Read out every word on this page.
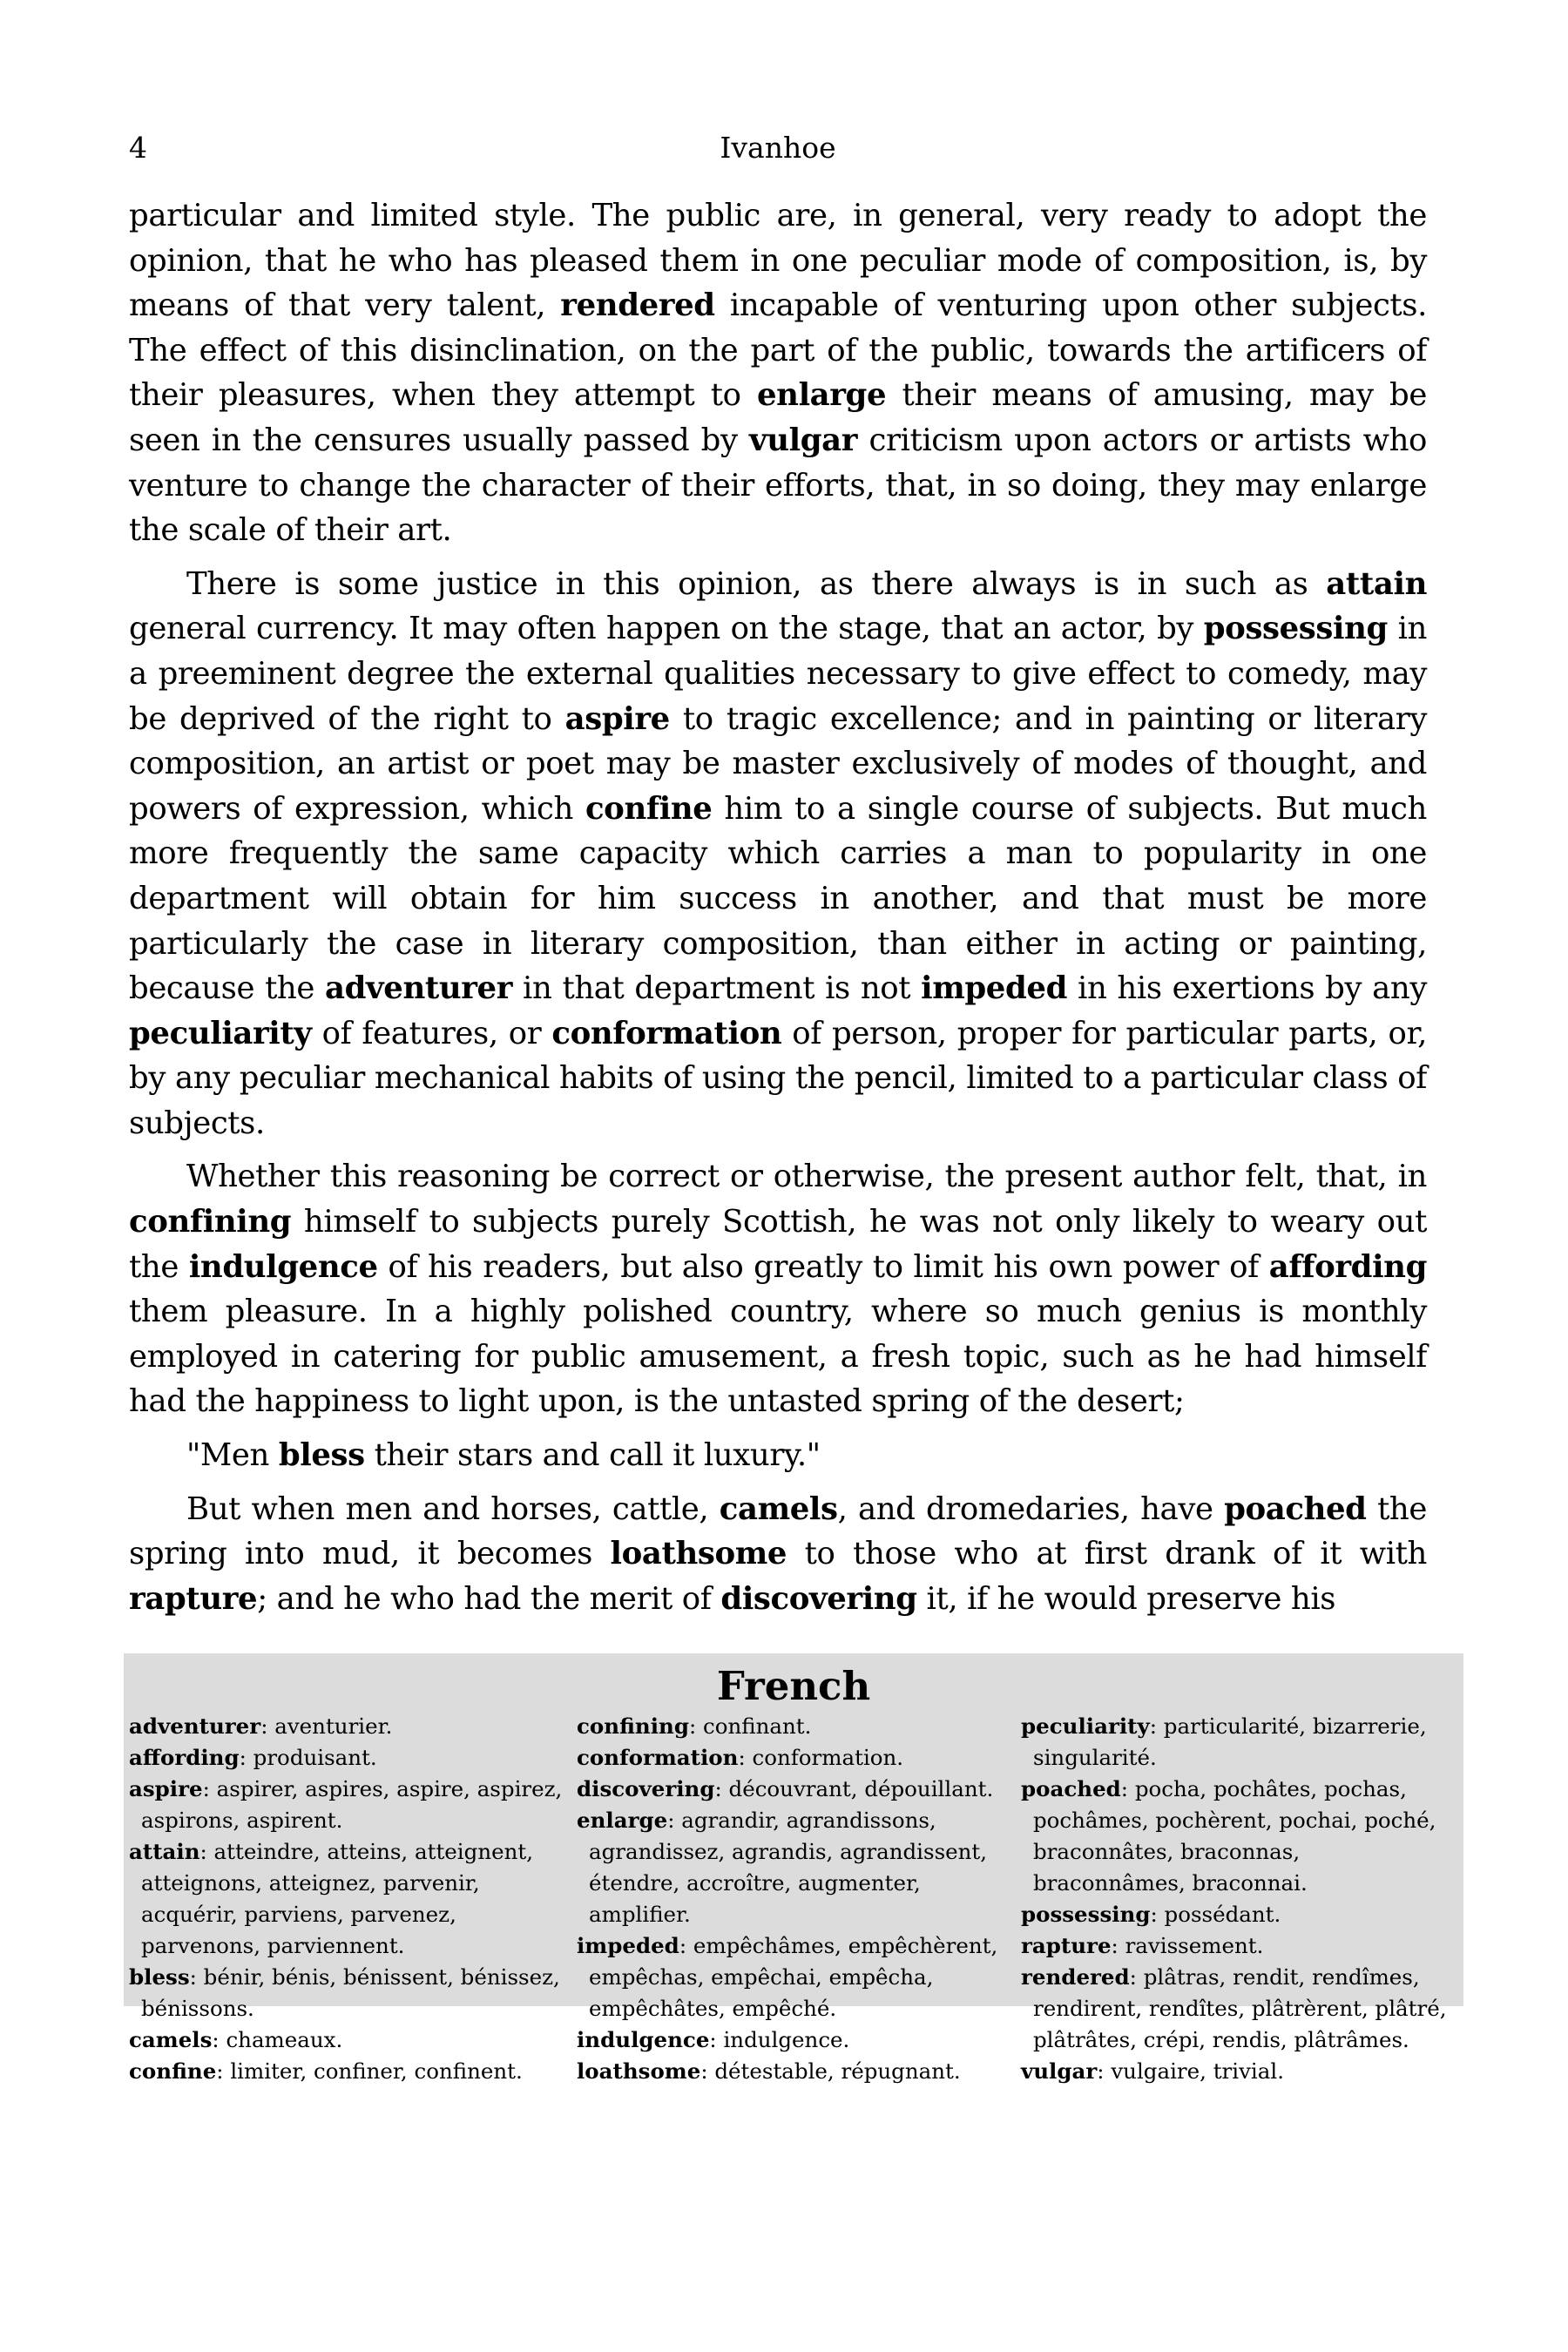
4	Ivanhoe

particular and limited style. The public are, in general, very ready to adopt the opinion, that he who has pleased them in one peculiar mode of composition, is, by means of that very talent, rendered incapable of venturing upon other subjects. The effect of this disinclination, on the part of the public, towards the artificers of their pleasures, when they attempt to enlarge their means of amusing, may be seen in the censures usually passed by vulgar criticism upon actors or artists who venture to change the character of their efforts, that, in so doing, they may enlarge the scale of their art.

There is some justice in this opinion, as there always is in such as attain general currency. It may often happen on the stage, that an actor, by possessing in a preeminent degree the external qualities necessary to give effect to comedy, may be deprived of the right to aspire to tragic excellence; and in painting or literary composition, an artist or poet may be master exclusively of modes of thought, and powers of expression, which confine him to a single course of subjects. But much more frequently the same capacity which carries a man to popularity in one department will obtain for him success in another, and that must be more particularly the case in literary composition, than either in acting or painting, because the adventurer in that department is not impeded in his exertions by any peculiarity of features, or conformation of person, proper for particular parts, or, by any peculiar mechanical habits of using the pencil, limited to a particular class of subjects.

Whether this reasoning be correct or otherwise, the present author felt, that, in confining himself to subjects purely Scottish, he was not only likely to weary out the indulgence of his readers, but also greatly to limit his own power of affording them pleasure. In a highly polished country, where so much genius is monthly employed in catering for public amusement, a fresh topic, such as he had himself had the happiness to light upon, is the untasted spring of the desert;

"Men bless their stars and call it luxury."

But when men and horses, cattle, camels, and dromedaries, have poached the spring into mud, it becomes loathsome to those who at first drank of it with rapture; and he who had the merit of discovering it, if he would preserve his

French
adventurer: aventurier.
affording: produisant.
aspire: aspirer, aspires, aspire, aspirez, aspirons, aspirent.
attain: atteindre, atteins, atteignent, atteignons, atteignez, parvenir, acquérir, parviens, parvenez, parvenons, parviennent.
bless: bénir, bénis, bénissent, bénissez, bénissons.
camels: chameaux.
confine: limiter, confiner, confinent.
confining: confinant.
conformation: conformation.
discovering: découvrant, dépouillant.
enlarge: agrandir, agrandissons, agrandissez, agrandis, agrandissent, étendre, accroître, augmenter, amplifier.
impeded: empêchâmes, empêchèrent, empêchas, empêchai, empêcha, empêchâtes, empêché.
indulgence: indulgence.
loathsome: détestable, répugnant.
peculiarity: particularité, bizarrerie, singularité.
poached: pocha, pochâtes, pochas, pochâmes, pochèrent, pochai, poché, braconnâtes, braconnas, braconnâmes, braconnai.
possessing: possédant.
rapture: ravissement.
rendered: plâtras, rendit, rendîmes, rendirent, rendîtes, plâtrèrent, plâtré, plâtrâtes, crépi, rendis, plâtrâmes.
vulgar: vulgaire, trivial.
